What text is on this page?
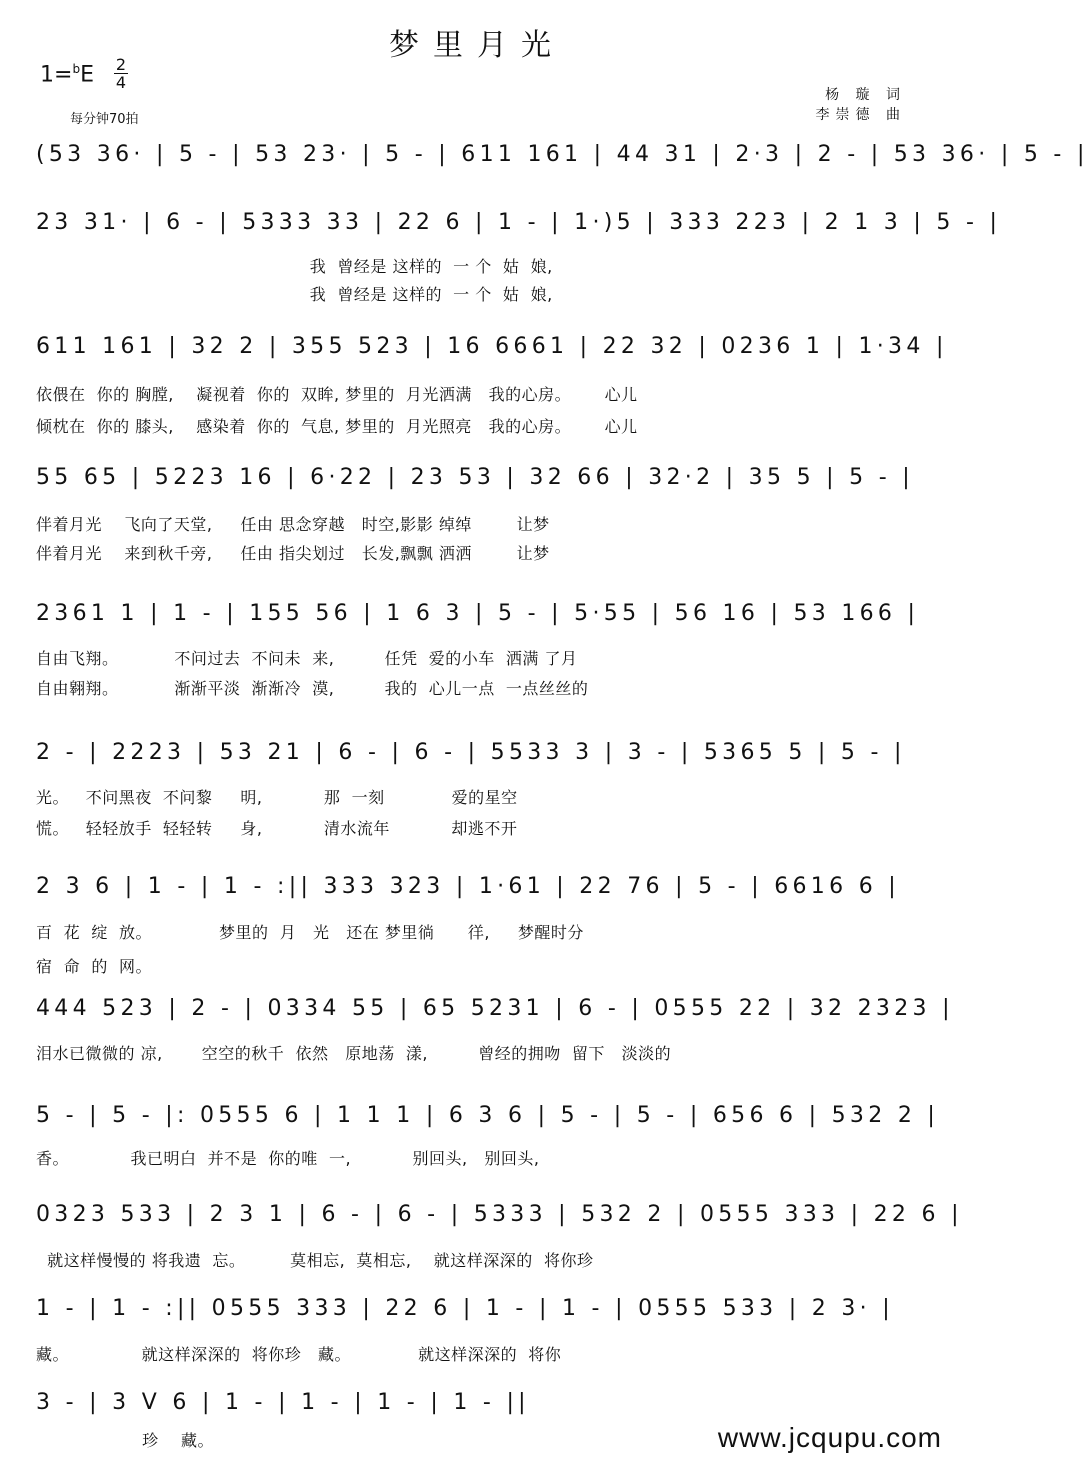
梦里月光
1=$^b$E 2
4
每分钟70拍
杨 璇 词
李崇德 曲
(53 36· | 5 - | 53 23· | 5 - | 611 161 | 44 31 | 2·3 | 2 - | 53 36· | 5 - |
23 31· | 6 - | 5333 33 | 22 6 | 1 - | 1·)5 | 333 223 | 2 1 3 | 5 - |
我  曾经是 这样的  一 个  姑  娘,
我  曾经是 这样的  一 个  姑  娘,
611 161 | 32 2 | 355 523 | 16 6661 | 22 32 | 0236 1 | 1·34 |
依偎在  你的 胸膛,    凝视着  你的  双眸, 梦里的  月光洒满   我的心房。      心儿
倾枕在  你的 膝头,    感染着  你的  气息, 梦里的  月光照亮   我的心房。      心儿
55 65 | 5223 16 | 6·22 | 23 53 | 32 66 | 32·2 | 35 5 | 5 - |
伴着月光    飞向了天堂,     任由 思念穿越   时空,影影 绰绰        让梦
伴着月光    来到秋千旁,     任由 指尖划过   长发,飘飘 洒洒        让梦
2361 1 | 1 - | 155 56 | 1 6 3 | 5 - | 5·55 | 56 16 | 53 166 |
自由飞翔。          不问过去  不问未  来,         任凭  爱的小车  洒满 了月
自由翱翔。          渐渐平淡  渐渐冷  漠,         我的  心儿一点  一点丝丝的
2 - | 2223 | 53 21 | 6 - | 6 - | 5533 3 | 3 - | 5365 5 | 5 - |
光。   不问黑夜  不问黎     明,           那  一刻            爱的星空
慌。   轻轻放手  轻轻转     身,           清水流年           却逃不开
2 3 6 | 1 - | 1 - :|| 333 323 | 1·61 | 22 76 | 5 - | 6616 6 |
百  花  绽  放。            梦里的  月   光   还在 梦里徜      徉,     梦醒时分
宿  命  的  网。
444 523 | 2 - | 0334 55 | 65 5231 | 6 - | 0555 22 | 32 2323 |
泪水已微微的 凉,       空空的秋千  依然   原地荡  漾,         曾经的拥吻  留下   淡淡的
5 - | 5 - |: 0555 6 | 1 1 1 | 6 3 6 | 5 - | 5 - | 656 6 | 532 2 |
香。           我已明白  并不是  你的唯  一,           别回头,   别回头,
0323 533 | 2 3 1 | 6 - | 6 - | 5333 | 532 2 | 0555 333 | 22 6 |
就这样慢慢的 将我遗  忘。        莫相忘,  莫相忘,    就这样深深的  将你珍
1 - | 1 - :|| 0555 333 | 22 6 | 1 - | 1 - | 0555 533 | 2 3· |
藏。             就这样深深的  将你珍   藏。            就这样深深的  将你
3 - | 3 V 6 | 1 - | 1 - | 1 - | 1 - ||
珍    藏。	www.jcqupu.com
